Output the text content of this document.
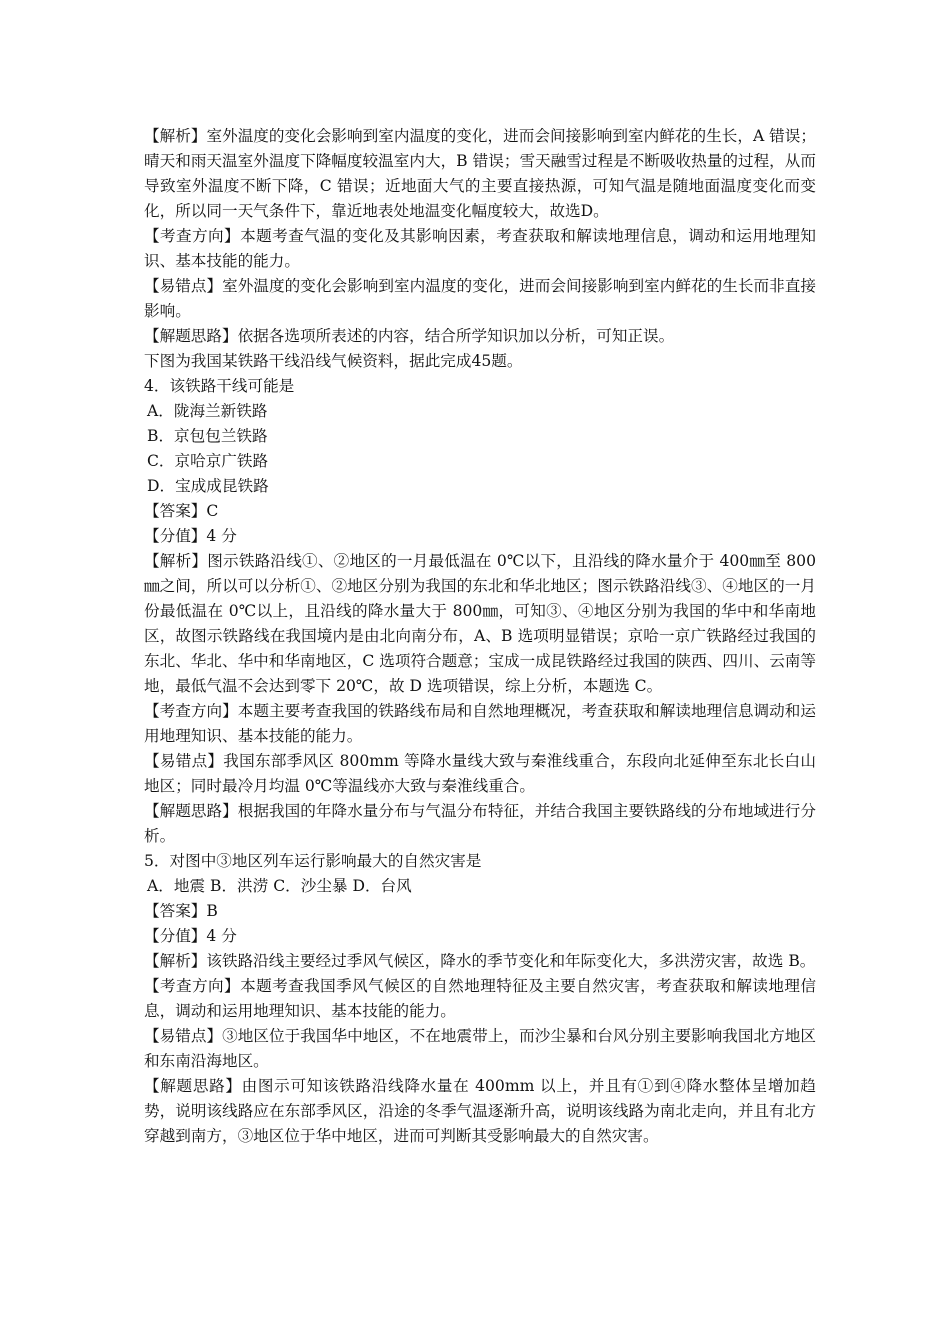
【解析】室外温度的变化会影响到室内温度的变化，进而会间接影响到室内鲜花的生长，A 错误；晴天和雨天温室外温度下降幅度较温室内大，B 错误；雪天融雪过程是不断吸收热量的过程，从而导致室外温度不断下降，C 错误；近地面大气的主要直接热源，可知气温是随地面温度变化而变化，所以同一天气条件下，靠近地表处地温变化幅度较大，故选D。

【考查方向】本题考查气温的变化及其影响因素，考查获取和解读地理信息，调动和运用地理知识、基本技能的能力。

【易错点】室外温度的变化会影响到室内温度的变化，进而会间接影响到室内鲜花的生长而非直接影响。

【解题思路】依据各选项所表述的内容，结合所学知识加以分析，可知正误。

下图为我国某铁路干线沿线气候资料，据此完成45题。

4．该铁路干线可能是

A．陇海兰新铁路

B．京包包兰铁路

C．京哈京广铁路

D．宝成成昆铁路

【答案】C

【分值】4 分

【解析】图示铁路沿线①、②地区的一月最低温在 0℃以下，且沿线的降水量介于 400㎜至 800㎜之间，所以可以分析①、②地区分别为我国的东北和华北地区；图示铁路沿线③、④地区的一月份最低温在 0℃以上，且沿线的降水量大于 800㎜，可知③、④地区分别为我国的华中和华南地区，故图示铁路线在我国境内是由北向南分布，A、B 选项明显错误；京哈一京广铁路经过我国的东北、华北、华中和华南地区，C 选项符合题意；宝成一成昆铁路经过我国的陕西、四川、云南等地，最低气温不会达到零下 20℃，故 D 选项错误，综上分析，本题选 C。

【考查方向】本题主要考查我国的铁路线布局和自然地理概况，考查获取和解读地理信息调动和运用地理知识、基本技能的能力。

【易错点】我国东部季风区 800mm 等降水量线大致与秦淮线重合，东段向北延伸至东北长白山地区；同时最冷月均温 0℃等温线亦大致与秦淮线重合。

【解题思路】根据我国的年降水量分布与气温分布特征，并结合我国主要铁路线的分布地域进行分析。

5．对图中③地区列车运行影响最大的自然灾害是

A．地震 B．洪涝 C．沙尘暴 D．台风

【答案】B

【分值】4 分

【解析】该铁路沿线主要经过季风气候区，降水的季节变化和年际变化大，多洪涝灾害，故选 B。

【考查方向】本题考查我国季风气候区的自然地理特征及主要自然灾害，考查获取和解读地理信息，调动和运用地理知识、基本技能的能力。

【易错点】③地区位于我国华中地区，不在地震带上，而沙尘暴和台风分别主要影响我国北方地区和东南沿海地区。

【解题思路】由图示可知该铁路沿线降水量在 400mm 以上，并且有①到④降水整体呈增加趋势，说明该线路应在东部季风区，沿途的冬季气温逐渐升高，说明该线路为南北走向，并且有北方穿越到南方，③地区位于华中地区，进而可判断其受影响最大的自然灾害。
